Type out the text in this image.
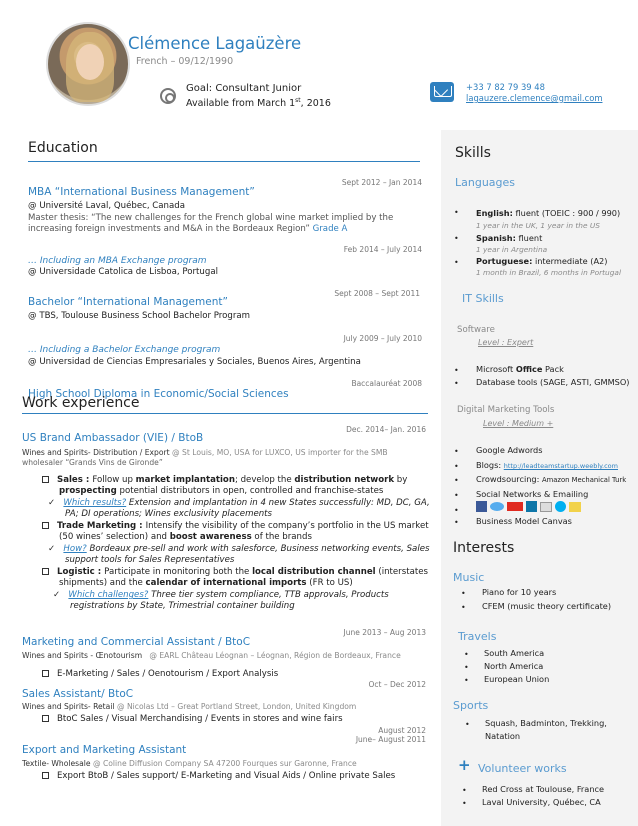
Clémence Lagaüzère
French – 09/12/1990
Goal: Consultant Junior
Available from March 1st, 2016
+33 7 82 79 39 48
lagauzere.clemence@gmail.com
Education
Sept 2012 – Jan 2014
MBA “International Business Management”
@ Université Laval, Québec, Canada
Master thesis: “The new challenges for the French global wine market implied by the
increasing foreign investments and M&A in the Bordeaux Region” Grade A
Feb 2014 – July 2014
… Including an MBA Exchange program
@ Universidade Catolica de Lisboa, Portugal
Sept 2008 – Sept 2011
Bachelor “International Management”
@ TBS, Toulouse Business School Bachelor Program
July 2009 – July 2010
… Including a Bachelor Exchange program
@ Universidad de Ciencias Empresariales y Sociales, Buenos Aires, Argentina
Baccalauréat 2008
High School Diploma in Economic/Social Sciences
Work experience
Dec. 2014– Jan. 2016
US Brand Ambassador (VIE) / BtoB
Wines and Spirits- Distribution / Export @ St Louis, MO, USA for LUXCO, US importer for the SMB
wholesaler “Grands Vins de Gironde”
Sales : Follow up market implantation; develop the distribution network by
prospecting potential distributors in open, controlled and franchise-states
✓   Which results? Extension and implantation in 4 new States successfully: MD, DC, GA,
PA; DI operations; Wines exclusivity placements
Trade Marketing : Intensify the visibility of the company’s portfolio in the US market
(50 wines’ selection) and boost awareness of the brands
✓   How? Bordeaux pre-sell and work with salesforce, Business networking events, Sales
support tools for Sales Representatives
Logistic : Participate in monitoring both the local distribution channel (interstates
shipments) and the calendar of international imports (FR to US)
✓   Which challenges? Three tier system compliance, TTB approvals, Products
registrations by State, Trimestrial container building
June 2013 – Aug 2013
Marketing and Commercial Assistant / BtoC
Wines and Spirits - Œnotourism @ EARL Château Léognan – Léognan, Région de Bordeaux, France
E-Marketing / Sales / Oenotourism / Export Analysis
Oct – Dec 2012
Sales Assistant/ BtoC
Wines and Spirits- Retail @ Nicolas Ltd – Great Portland Street, London, United Kingdom
BtoC Sales / Visual Merchandising / Events in stores and wine fairs
August 2012
June– August 2011
Export and Marketing Assistant
Textile- Wholesale @ Coline Diffusion Company SA 47200 Fourques sur Garonne, France
Export BtoB / Sales support/ E-Marketing and Visual Aids / Online private Sales
Skills
Languages
• English: fluent (TOEIC : 900 / 990)
1 year in the UK, 1 year in the US
• Spanish: fluent
1 year in Argentina
• Portuguese: intermediate (A2)
1 month in Brazil, 6 months in Portugal
IT Skills
Software
Level : Expert
• Microsoft Office Pack
• Database tools (SAGE, ASTI, GMMSO)
Digital Marketing Tools
Level : Medium +
• Google Adwords
• Blogs: http://leadteamstartup.weebly.com
• Crowdsourcing: Amazon Mechanical Turk
• Social Networks & Emailing
•
• Business Model Canvas
Interests
Music
• Piano for 10 years
• CFEM (music theory certificate)
Travels
• South America
• North America
• European Union
Sports
• Squash, Badminton, Trekking,
Natation
+ Volunteer works
• Red Cross at Toulouse, France
• Laval University, Québec, CA
